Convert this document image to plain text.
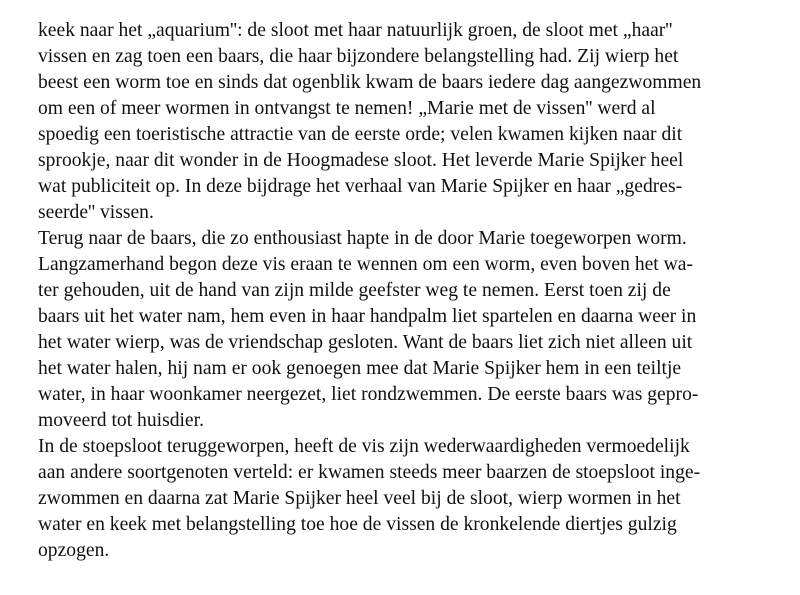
keek naar het „aquarium'': de sloot met haar natuurlijk groen, de sloot met „haar''
vissen en zag toen een baars, die haar bijzondere belangstelling had. Zij wierp het
beest een worm toe en sinds dat ogenblik kwam de baars iedere dag aangezwommen
om een of meer wormen in ontvangst te nemen! „Marie met de vissen'' werd al
spoedig een toeristische attractie van de eerste orde; velen kwamen kijken naar dit
sprookje, naar dit wonder in de Hoogmadese sloot. Het leverde Marie Spijker heel
wat publiciteit op. In deze bijdrage het verhaal van Marie Spijker en haar „gedres-
seerde'' vissen.
Terug naar de baars, die zo enthousiast hapte in de door Marie toegeworpen worm.
Langzamerhand begon deze vis eraan te wennen om een worm, even boven het wa-
ter gehouden, uit de hand van zijn milde geefster weg te nemen. Eerst toen zij de
baars uit het water nam, hem even in haar handpalm liet spartelen en daarna weer in
het water wierp, was de vriendschap gesloten. Want de baars liet zich niet alleen uit
het water halen, hij nam er ook genoegen mee dat Marie Spijker hem in een teiltje
water, in haar woonkamer neergezet, liet rondzwemmen. De eerste baars was gepro-
moveerd tot huisdier.
In de stoepsloot teruggeworpen, heeft de vis zijn wederwaardigheden vermoedelijk
aan andere soortgenoten verteld: er kwamen steeds meer baarzen de stoepsloot inge-
zwommen en daarna zat Marie Spijker heel veel bij de sloot, wierp wormen in het
water en keek met belangstelling toe hoe de vissen de kronkelende diertjes gulzig
opzogen.
